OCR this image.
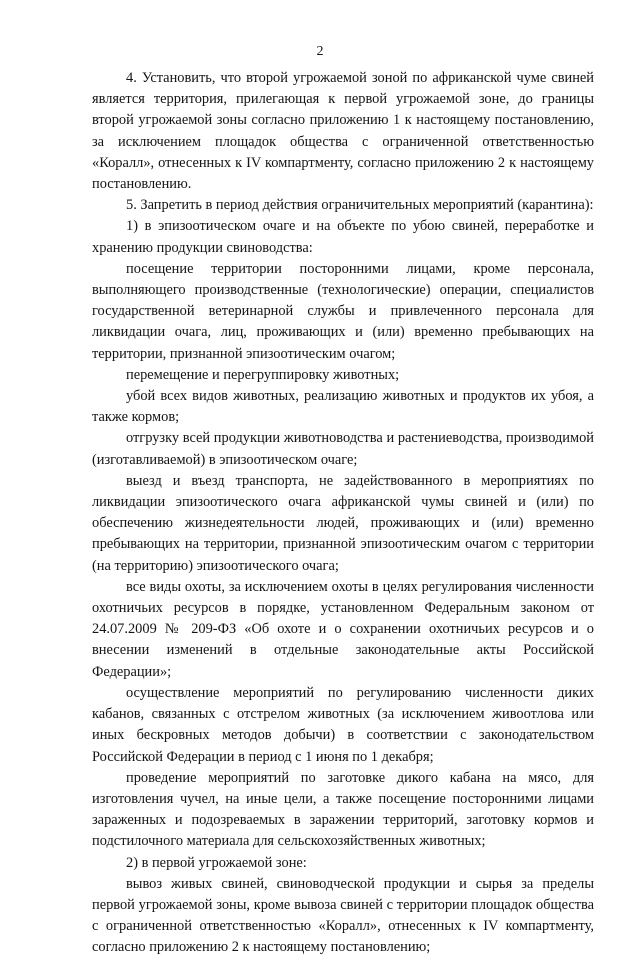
2

4. Установить, что второй угрожаемой зоной по африканской чуме свиней является территория, прилегающая к первой угрожаемой зоне, до границы второй угрожаемой зоны согласно приложению 1 к настоящему постановлению, за исключением площадок общества с ограниченной ответственностью «Коралл», отнесенных к IV компартменту, согласно приложению 2 к настоящему постановлению.

5. Запретить в период действия ограничительных мероприятий (карантина):

1) в эпизоотическом очаге и на объекте по убою свиней, переработке и хранению продукции свиноводства:

посещение территории посторонними лицами, кроме персонала, выполняющего производственные (технологические) операции, специалистов государственной ветеринарной службы и привлеченного персонала для ликвидации очага, лиц, проживающих и (или) временно пребывающих на территории, признанной эпизоотическим очагом;

перемещение и перегруппировку животных;

убой всех видов животных, реализацию животных и продуктов их убоя, а также кормов;

отгрузку всей продукции животноводства и растениеводства, производимой (изготавливаемой) в эпизоотическом очаге;

выезд и въезд транспорта, не задействованного в мероприятиях по ликвидации эпизоотического очага африканской чумы свиней и (или) по обеспечению жизнедеятельности людей, проживающих и (или) временно пребывающих на территории, признанной эпизоотическим очагом с территории (на территорию) эпизоотического очага;

все виды охоты, за исключением охоты в целях регулирования численности охотничьих ресурсов в порядке, установленном Федеральным законом от 24.07.2009 № 209-ФЗ «Об охоте и о сохранении охотничьих ресурсов и о внесении изменений в отдельные законодательные акты Российской Федерации»;

осуществление мероприятий по регулированию численности диких кабанов, связанных с отстрелом животных (за исключением живоотлова или иных бескровных методов добычи) в соответствии с законодательством Российской Федерации в период с 1 июня по 1 декабря;

проведение мероприятий по заготовке дикого кабана на мясо, для изготовления чучел, на иные цели, а также посещение посторонними лицами зараженных и подозреваемых в заражении территорий, заготовку кормов и подстилочного материала для сельскохозяйственных животных;

2) в первой угрожаемой зоне:

вывоз живых свиней, свиноводческой продукции и сырья за пределы первой угрожаемой зоны, кроме вывоза свиней с территории площадок общества с ограниченной ответственностью «Коралл», отнесенных к IV компартменту, согласно приложению 2 к настоящему постановлению;
